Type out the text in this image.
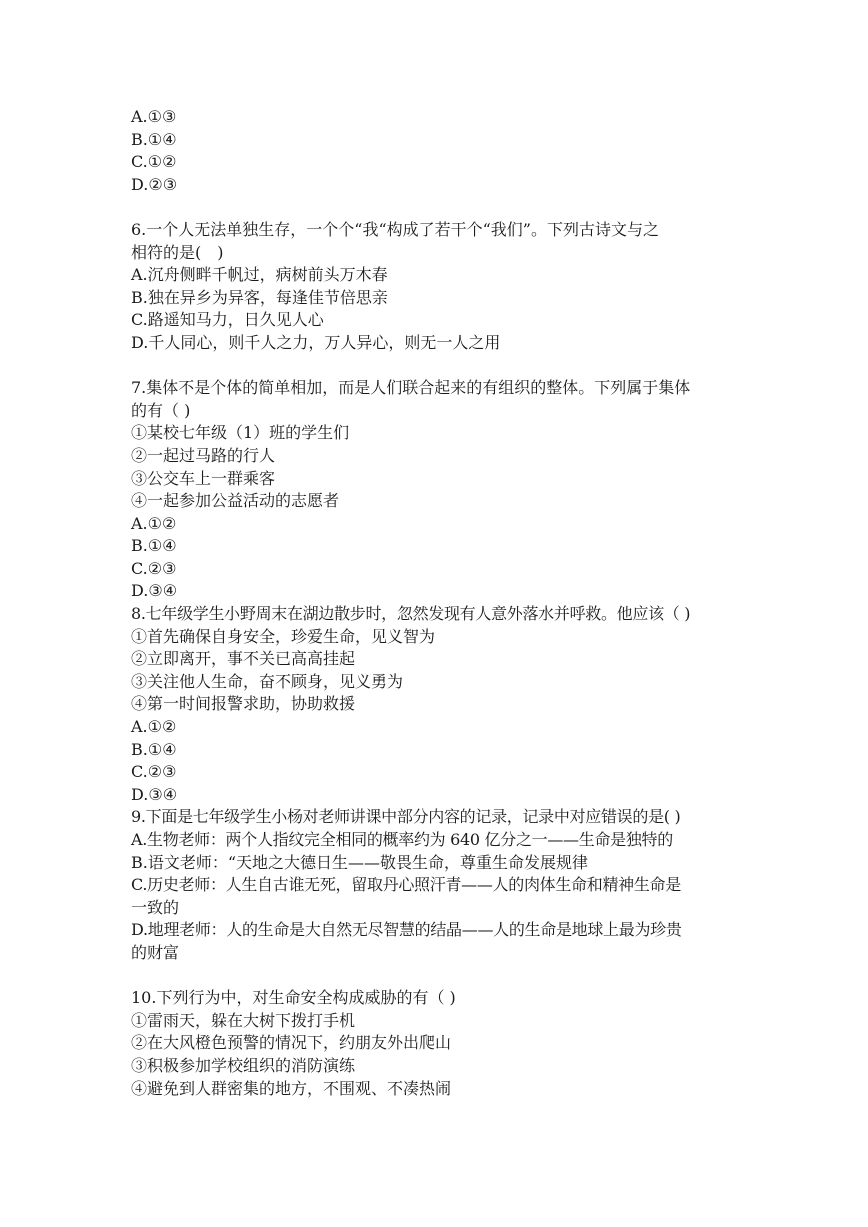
A.①③
B.①④
C.①②
D.②③
6.一个人无法单独生存，一个个“我“构成了若干个“我们”。下列古诗文与之
相符的是(　)
A.沉舟侧畔千帆过，病树前头万木春
B.独在异乡为异客，每逢佳节倍思亲
C.路遥知马力，日久见人心
D.千人同心，则千人之力，万人异心，则无一人之用
7.集体不是个体的简单相加，而是人们联合起来的有组织的整体。下列属于集体
的有（ )
①某校七年级（1）班的学生们
②一起过马路的行人
③公交车上一群乘客
④一起参加公益活动的志愿者
A.①②
B.①④
C.②③
D.③④
8.七年级学生小野周末在湖边散步时，忽然发现有人意外落水并呼救。他应该（ )
①首先确保自身安全，珍爱生命，见义智为
②立即离开，事不关已高高挂起
③关注他人生命，奋不顾身，见义勇为
④第一时间报警求助，协助救援
A.①②
B.①④
C.②③
D.③④
9.下面是七年级学生小杨对老师讲课中部分内容的记录，记录中对应错误的是( )
A.生物老师：两个人指纹完全相同的概率约为 640 亿分之一——生命是独特的
B.语文老师：“天地之大德日生——敬畏生命，尊重生命发展规律
C.历史老师：人生自古谁无死，留取丹心照汗青——人的肉体生命和精神生命是
一致的
D.地理老师：人的生命是大自然无尽智慧的结晶——人的生命是地球上最为珍贵
的财富
10.下列行为中，对生命安全构成威胁的有（ )
①雷雨天，躲在大树下拨打手机
②在大风橙色预警的情况下，约朋友外出爬山
③积极参加学校组织的消防演练
④避免到人群密集的地方，不围观、不凑热闹
